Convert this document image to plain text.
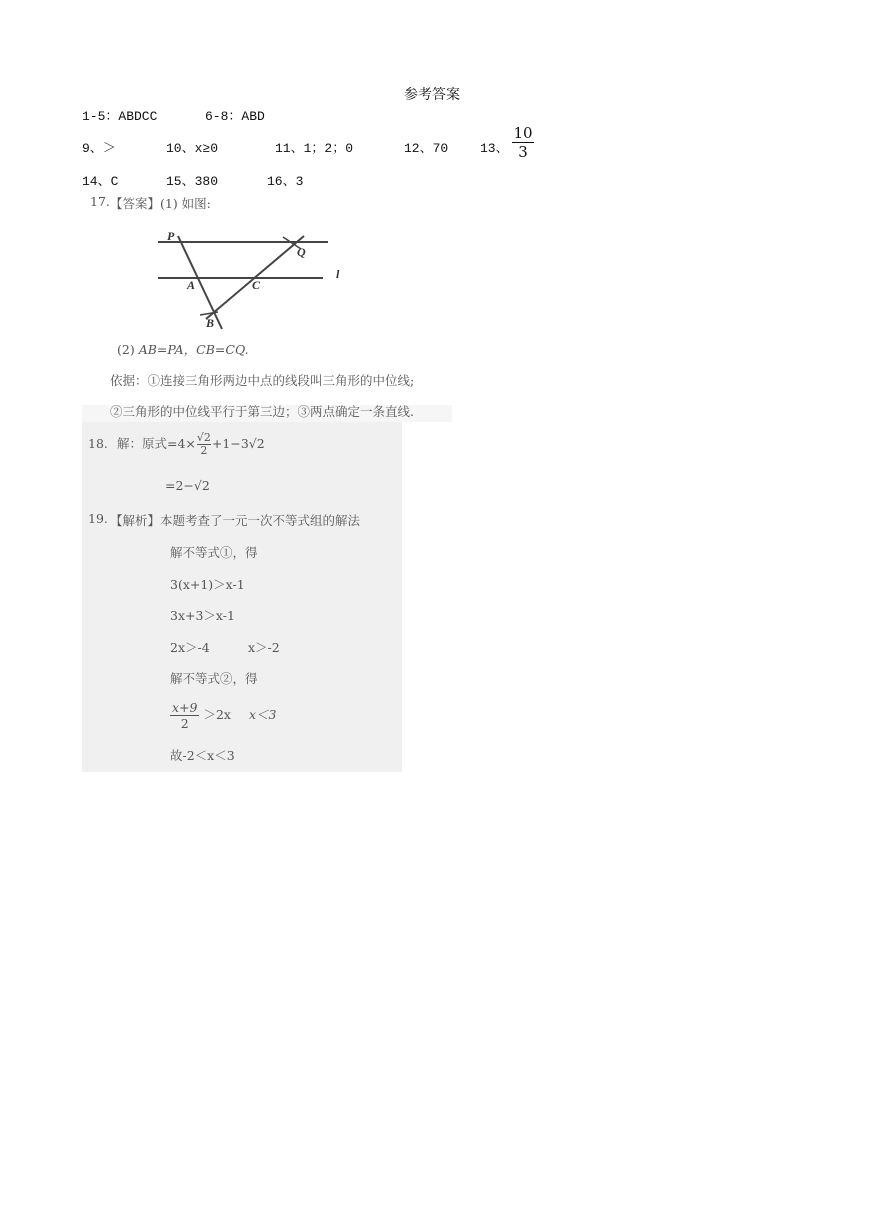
参考答案
1-5：ABDCC	6-8：ABD
9、＞	10、x≥0	11、1；2；0	12、70 13、 $\frac{10}{3}$
14、C	15、380	16、3
17. 【答案】(1) 如图:
P
Q
l
A	C
B
(2) AB=PA，CB=CQ.
依据：①连接三角形两边中点的线段叫三角形的中位线;
②三角形的中位线平行于第三边；③两点确定一条直线.
18. 解：原式$=4\times \frac{√2}{2} +1-3√2$
=2−√2
19. 【解析】本题考查了一元一次不等式组的解法
解不等式①，得
3(x+1)＞x-1
3x+3＞x-1
2x＞-4	x＞-2
解不等式②，得
$\frac{x+9}{2} >2x$ x＜3
故-2＜x＜3
